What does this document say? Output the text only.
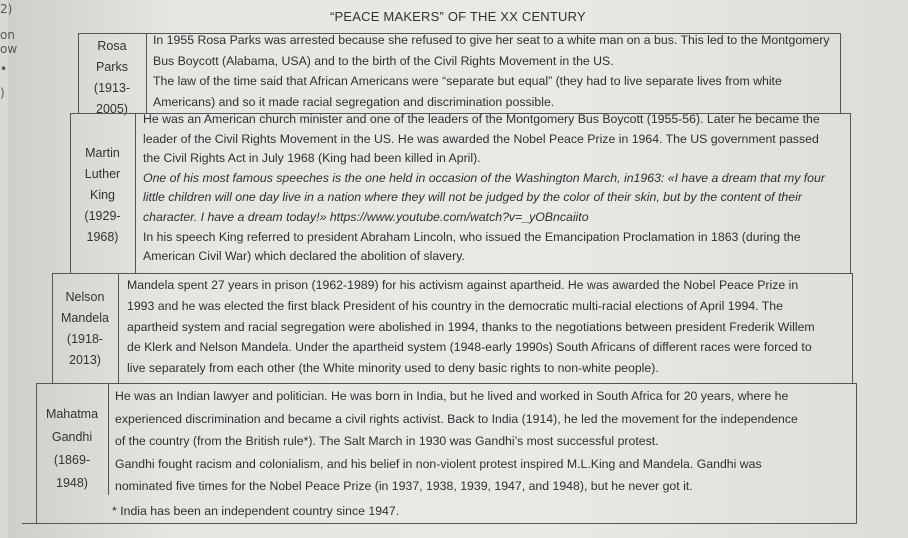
2)
on
ow
•
)
“PEACE MAKERS” OF THE XX CENTURY
Rosa
Parks
(1913-
2005)
In 1955 Rosa Parks was arrested because she refused to give her seat to a white man on a bus. This led to the Montgomery
Bus Boycott (Alabama, USA) and to the birth of the Civil Rights Movement in the US.
The law of the time said that African Americans were “separate but equal” (they had to live separate lives from white
Americans) and so it made racial segregation and discrimination possible.
Martin
Luther
King
(1929-
1968)
He was an American church minister and one of the leaders of the Montgomery Bus Boycott (1955-56). Later he became the
leader of the Civil Rights Movement in the US. He was awarded the Nobel Peace Prize in 1964. The US government passed
the Civil Rights Act in July 1968 (King had been killed in April).
One of his most famous speeches is the one held in occasion of the Washington March, in1963: «I have a dream that my four
little children will one day live in a nation where they will not be judged by the color of their skin, but by the content of their
character. I have a dream today!» https://www.youtube.com/watch?v=_yOBncaiito
In his speech King referred to president Abraham Lincoln, who issued the Emancipation Proclamation in 1863 (during the
American Civil War) which declared the abolition of slavery.
Nelson
Mandela
(1918-
2013)
Mandela spent 27 years in prison (1962-1989) for his activism against apartheid. He was awarded the Nobel Peace Prize in
1993 and he was elected the first black President of his country in the democratic multi-racial elections of April 1994. The
apartheid system and racial segregation were abolished in 1994, thanks to the negotiations between president Frederik Willem
de Klerk and Nelson Mandela. Under the apartheid system (1948-early 1990s) South Africans of different races were forced to
live separately from each other (the White minority used to deny basic rights to non-white people).
Mahatma
Gandhi
(1869-
1948)
He was an Indian lawyer and politician. He was born in India, but he lived and worked in South Africa for 20 years, where he
experienced discrimination and became a civil rights activist. Back to India (1914), he led the movement for the independence
of the country (from the British rule*). The Salt March in 1930 was Gandhi’s most successful protest.
Gandhi fought racism and colonialism, and his belief in non-violent protest inspired M.L.King and Mandela. Gandhi was
nominated five times for the Nobel Peace Prize (in 1937, 1938, 1939, 1947, and 1948), but he never got it.
* India has been an independent country since 1947.
